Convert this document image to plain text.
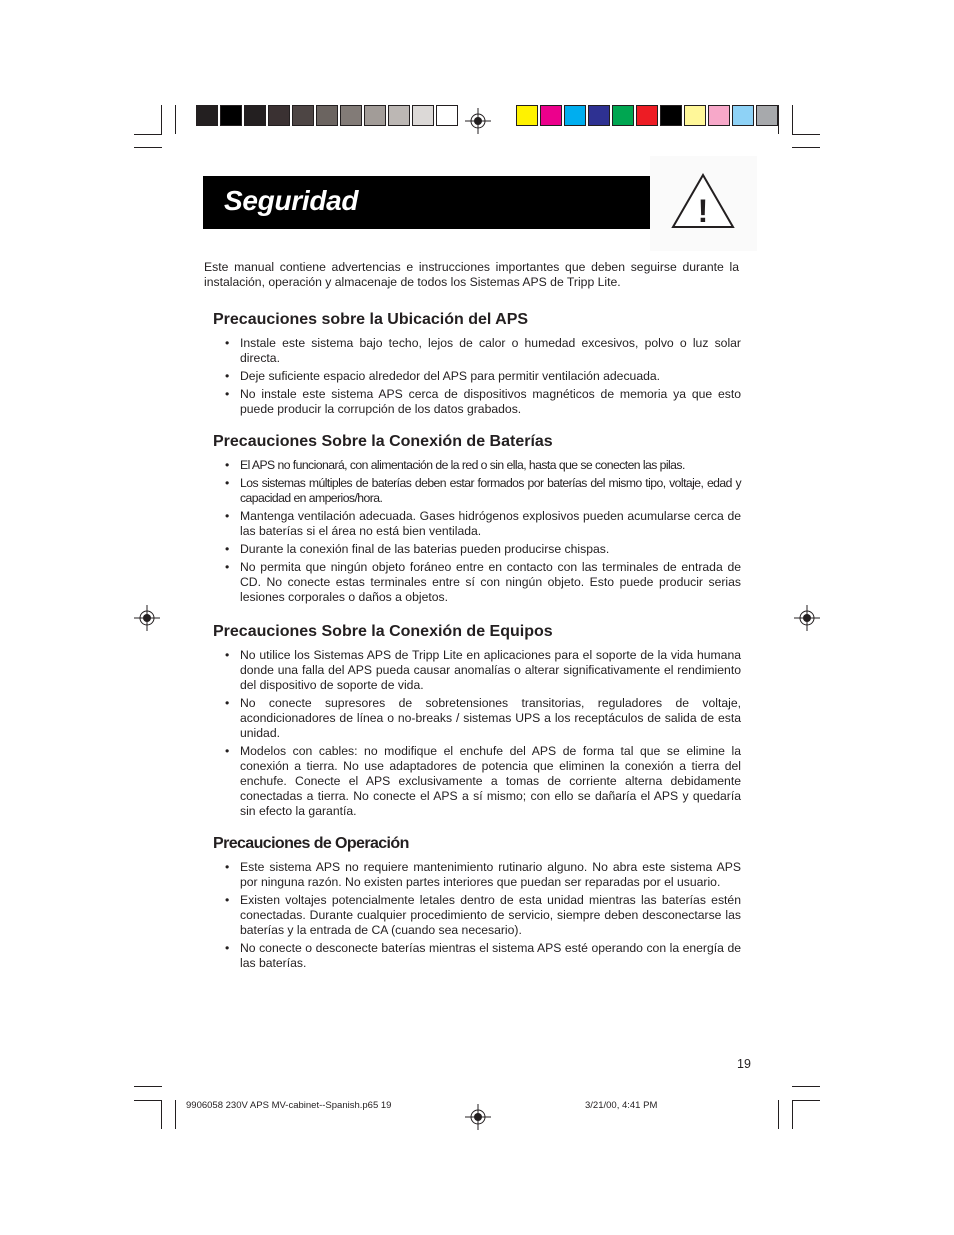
Seguridad	!
Este manual contiene advertencias e instrucciones importantes que deben seguirse durante la instalación, operación y almacenaje de todos los Sistemas APS de Tripp Lite.
Precauciones sobre la Ubicación del APS
• Instale este sistema bajo techo, lejos de calor o humedad excesivos, polvo o luz solar directa.
• Deje suficiente espacio alrededor del APS para permitir ventilación adecuada.
• No instale este sistema APS cerca de dispositivos magnéticos de memoria ya que esto puede producir la corrupción de los datos grabados.
Precauciones Sobre la Conexión de Baterías
• El APS no funcionará, con alimentación de la red o sin ella, hasta que se conecten las pilas.
• Los sistemas múltiples de baterías deben estar formados por baterías del mismo tipo, voltaje, edad y capacidad en amperios/hora.
• Mantenga ventilación adecuada. Gases hidrógenos explosivos pueden acumularse cerca de las baterías si el área no está bien ventilada.
• Durante la conexión final de las baterias pueden producirse chispas.
• No permita que ningún objeto foráneo entre en contacto con las terminales de entrada de CD. No conecte estas terminales entre sí con ningún objeto. Esto puede producir serias lesiones corporales o daños a objetos.
Precauciones Sobre la Conexión de Equipos
• No utilice los Sistemas APS de Tripp Lite en aplicaciones para el soporte de la vida humana donde una falla del APS pueda causar anomalías o alterar significativamente el rendimiento del dispositivo de soporte de vida.
• No conecte supresores de sobretensiones transitorias, reguladores de voltaje, acondicionadores de línea o no-breaks / sistemas UPS a los receptáculos de salida de esta unidad.
• Modelos con cables: no modifique el enchufe del APS de forma tal que se elimine la conexión a tierra. No use adaptadores de potencia que eliminen la conexión a tierra del enchufe. Conecte el APS exclusivamente a tomas de corriente alterna debidamente conectadas a tierra. No conecte el APS a sí mismo; con ello se dañaría el APS y quedaría sin efecto la garantía.
Precauciones de Operación
• Este sistema APS no requiere mantenimiento rutinario alguno. No abra este sistema APS por ninguna razón. No existen partes interiores que puedan ser reparadas por el usuario.
• Existen voltajes potencialmente letales dentro de esta unidad mientras las baterías estén conectadas. Durante cualquier procedimiento de servicio, siempre deben desconectarse las baterías y la entrada de CA (cuando sea necesario).
• No conecte o desconecte baterías mientras el sistema APS esté operando con la energía de las baterías.
19
9906058 230V APS MV-cabinet--Spanish.p65 19	3/21/00, 4:41 PM
